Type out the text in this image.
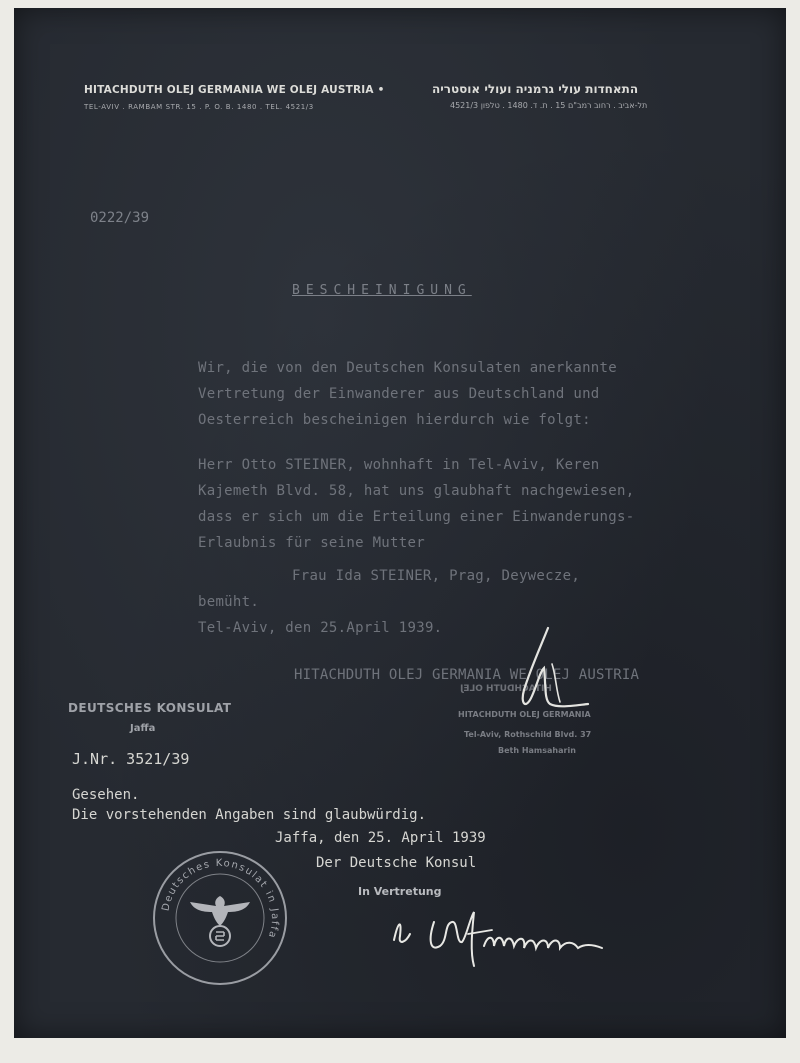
HITACHDUTH OLEJ GERMANIA WE OLEJ AUSTRIA •	התאחדות עולי גרמניה ועולי אוסטריה

TEL-AVIV . RAMBAM STR. 15 . P. O. B. 1480 . TEL. 4521/3	תל-אביב . רחוב רמב"ם 15 . ת. ד. 1480 . טלפון 4521/3

0222/39

BESCHEINIGUNG

Wir, die von den Deutschen Konsulaten anerkannte

Vertretung der Einwanderer aus Deutschland und

Oesterreich bescheinigen hierdurch wie folgt:

Herr Otto STEINER, wohnhaft in Tel-Aviv, Keren

Kajemeth Blvd. 58, hat uns glaubhaft nachgewiesen,

dass er sich um die Erteilung einer Einwanderungs-

Erlaubnis für seine Mutter

Frau Ida STEINER, Prag, Deywecze,

bemüht.

Tel-Aviv, den 25.April 1939.

HITACHDUTH OLEJ GERMANIA WE OLEJ AUSTRIA

HITACHDUTH OLEJ

HITACHDUTH OLEJ GERMANIA

Tel-Aviv, Rothschild Blvd. 37

Beth Hamsaharin

DEUTSCHES KONSULAT

Jaffa

J.Nr. 3521/39

Gesehen.

Die vorstehenden Angaben sind glaubwürdig.

Jaffa, den 25. April 1939

Der Deutsche Konsul

In Vertretung

Deutsches Konsulat in Jaffa
